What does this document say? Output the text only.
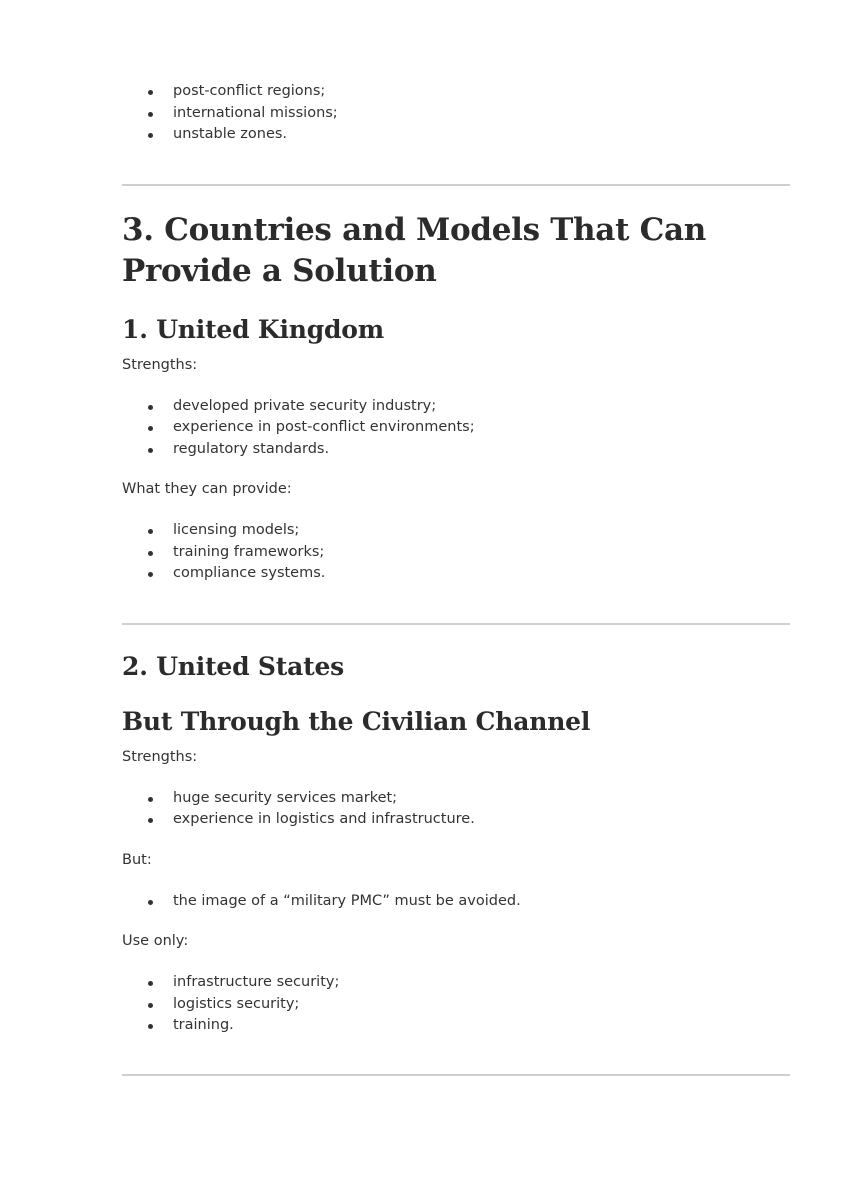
post-conflict regions;
international missions;
unstable zones.
3. Countries and Models That Can Provide a Solution
1. United Kingdom

Strengths:

developed private security industry;
experience in post-conflict environments;
regulatory standards.

What they can provide:

licensing models;
training frameworks;
compliance systems.
2. United States
But Through the Civilian Channel

Strengths:

huge security services market;
experience in logistics and infrastructure.

But:

the image of a “military PMC” must be avoided.

Use only:

infrastructure security;
logistics security;
training.
